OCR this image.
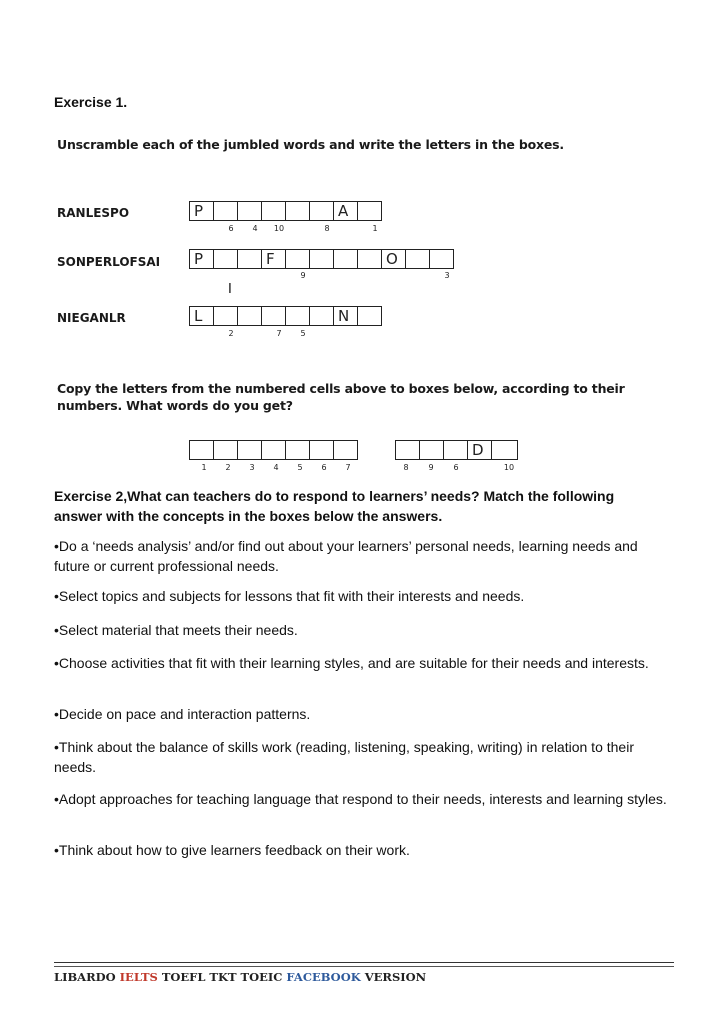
Exercise 1.
Unscramble each of the jumbled words and write the letters in the boxes.
RANLESPO	P	A
6	4	10	8	1
SONPERLOFSAI	P	F	O
9	3
I
NIEGANLR	L	N
2	7	5
Copy the letters from the numbered cells above to boxes below, according to their
numbers. What words do you get?
1	2	3	4	5	6	7
D
8	9	6	10
Exercise 2,What can teachers do to respond to learners’ needs? Match the following
answer with the concepts in the boxes below the answers.
•Do a ‘needs analysis’ and/or find out about your learners’ personal needs, learning needs and future or current professional needs.
•Select topics and subjects for lessons that fit with their interests and needs.
•Select material that meets their needs.
•Choose activities that fit with their learning styles, and are suitable for their needs and interests.
•Decide on pace and interaction patterns.
•Think about the balance of skills work (reading, listening, speaking, writing) in relation to their needs.
•Adopt approaches for teaching language that respond to their needs, interests and learning styles.
•Think about how to give learners feedback on their work.
LIBARDO IELTS TOEFL TKT TOEIC FACEBOOK VERSION
